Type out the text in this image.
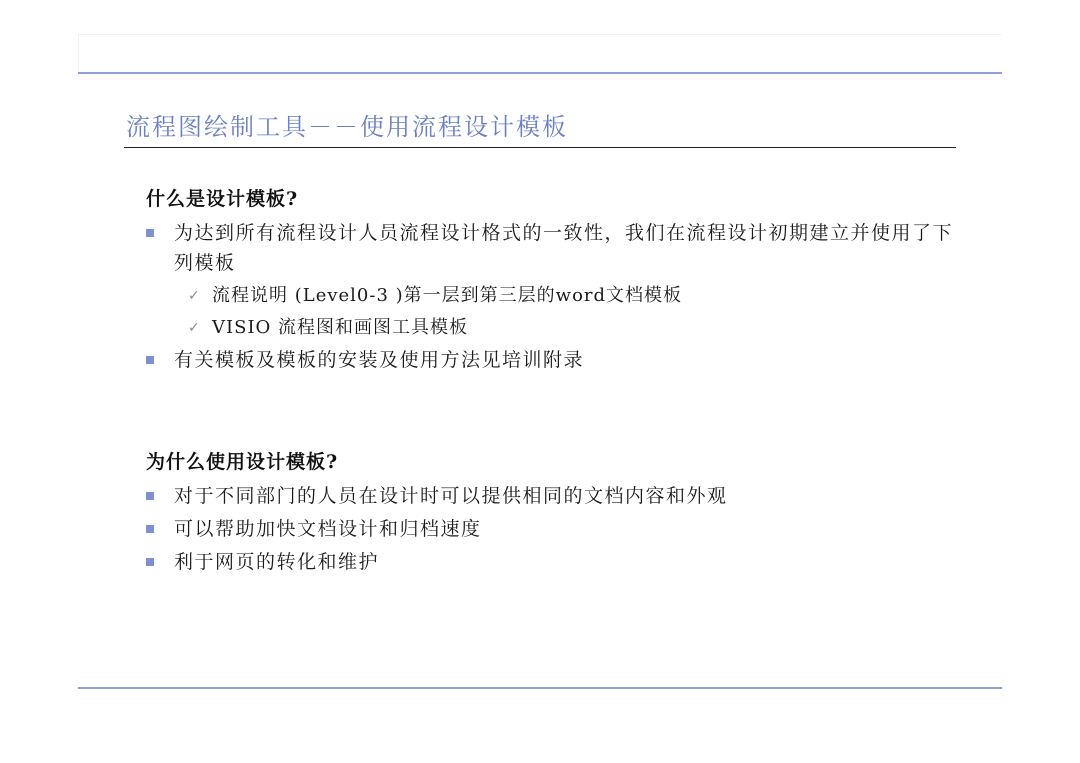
流程图绘制工具－－使用流程设计模板
什么是设计模板?
为达到所有流程设计人员流程设计格式的一致性，我们在流程设计初期建立并使用了下列模板
✓ 流程说明 (Level0-3 )第一层到第三层的word文档模板
✓ VISIO 流程图和画图工具模板
有关模板及模板的安装及使用方法见培训附录
为什么使用设计模板?
对于不同部门的人员在设计时可以提供相同的文档内容和外观
可以帮助加快文档设计和归档速度
利于网页的转化和维护
